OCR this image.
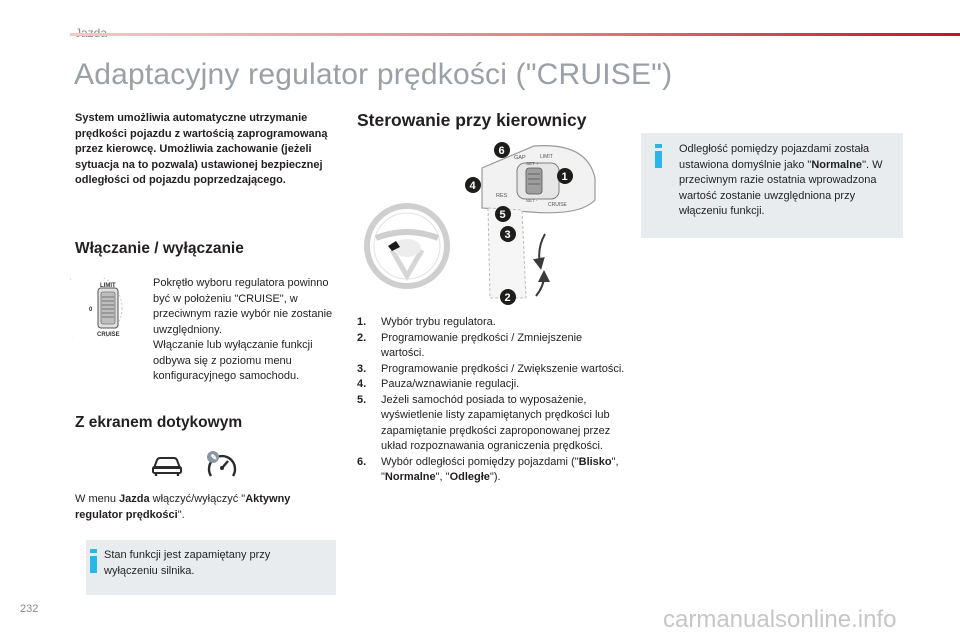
Adaptacyjny regulator prędkości ("CRUISE")
System umożliwia automatyczne utrzymanie prędkości pojazdu z wartością zaprogramowaną przez kierowcę. Umożliwia zachowanie (jeżeli sytuacja na to pozwala) ustawionej bezpiecznej odległości od pojazdu poprzedzającego.
Włączanie / wyłączanie
LIMIT
0
CRUISE
Pokrętło wyboru regulatora powinno być w położeniu "CRUISE", w przeciwnym razie wybór nie zostanie uwzględniony.
Włączanie lub wyłączanie funkcji odbywa się z poziomu menu konfiguracyjnego samochodu.
Z ekranem dotykowym
✎
W menu Jazda włączyć/wyłączyć "Aktywny regulator prędkości".
Stan funkcji jest zapamiętany przy wyłączeniu silnika.
Sterowanie przy kierownicy
GAP
RES
LIMIT
SET +
SET -
CRUISE
6
4
5
3
2
1
1. Wybór trybu regulatora.
2. Programowanie prędkości / Zmniejszenie wartości.
3. Programowanie prędkości / Zwiększenie wartości.
4. Pauza/wznawianie regulacji.
5. Jeżeli samochód posiada to wyposażenie, wyświetlenie listy zapamiętanych prędkości lub zapamiętanie prędkości zaproponowanej przez układ rozpoznawania ograniczenia prędkości.
6. Wybór odległości pomiędzy pojazdami ("Blisko", "Normalne", "Odległe").
Odległość pomiędzy pojazdami została ustawiona domyślnie jako "Normalne". W przeciwnym razie ostatnia wprowadzona wartość zostanie uwzględniona przy włączeniu funkcji.
232	carmanualsonline.info
